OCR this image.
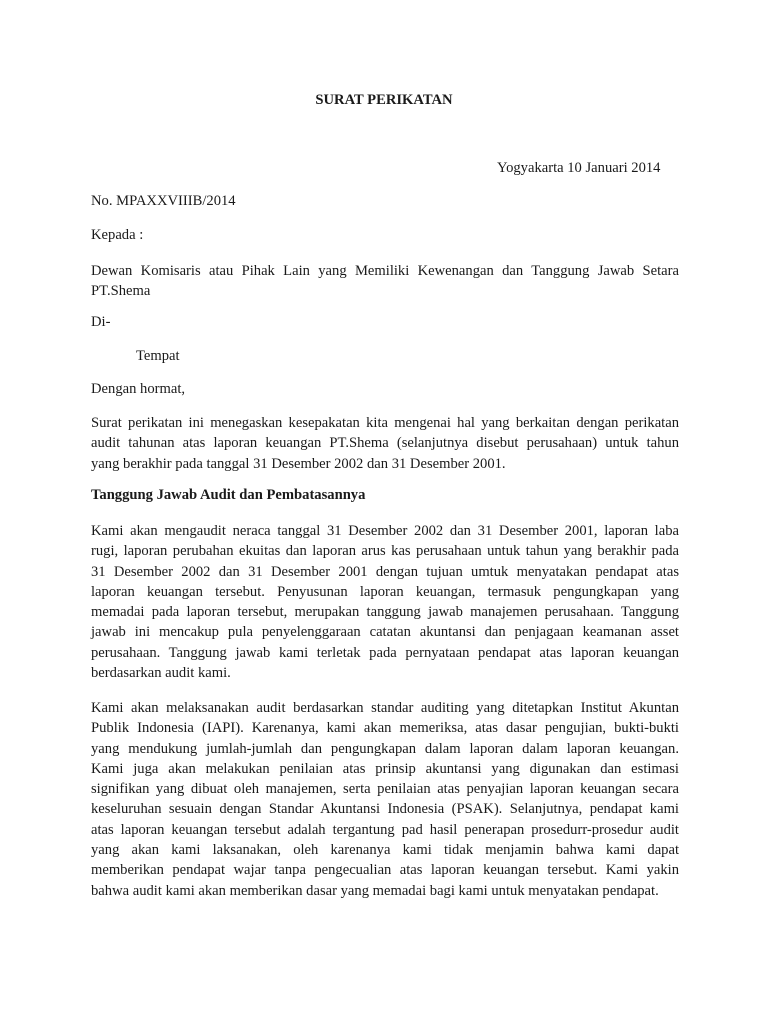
SURAT PERIKATAN

Yogyakarta 10 Januari 2014

No. MPAXXVIIIB/2014

Kepada :

Dewan Komisaris atau Pihak Lain yang Memiliki Kewenangan dan Tanggung Jawab Setara
PT.Shema

Di-

Tempat

Dengan hormat,

Surat perikatan ini menegaskan kesepakatan kita mengenai hal yang berkaitan dengan perikatan
audit tahunan atas laporan keuangan PT.Shema (selanjutnya disebut perusahaan) untuk tahun
yang berakhir pada tanggal 31 Desember 2002 dan 31 Desember 2001.
Tanggung Jawab Audit dan Pembatasannya
Kami akan mengaudit neraca tanggal 31 Desember 2002 dan 31 Desember 2001, laporan laba
rugi, laporan perubahan ekuitas dan laporan arus kas perusahaan untuk tahun yang berakhir pada
31 Desember 2002 dan 31 Desember 2001 dengan tujuan umtuk menyatakan pendapat atas
laporan keuangan tersebut. Penyusunan laporan keuangan, termasuk pengungkapan yang
memadai pada laporan tersebut, merupakan tanggung jawab manajemen perusahaan. Tanggung
jawab ini mencakup pula penyelenggaraan catatan akuntansi dan penjagaan keamanan asset
perusahaan. Tanggung jawab kami terletak pada pernyataan pendapat atas laporan keuangan
berdasarkan audit kami.
Kami akan melaksanakan audit berdasarkan standar auditing yang ditetapkan Institut Akuntan
Publik Indonesia (IAPI). Karenanya, kami akan memeriksa, atas dasar pengujian, bukti-bukti
yang mendukung jumlah-jumlah dan pengungkapan dalam laporan dalam laporan keuangan.
Kami juga akan melakukan penilaian atas prinsip akuntansi yang digunakan dan estimasi
signifikan yang dibuat oleh manajemen, serta penilaian atas penyajian laporan keuangan secara
keseluruhan sesuain dengan Standar Akuntansi Indonesia (PSAK). Selanjutnya, pendapat kami
atas laporan keuangan tersebut adalah tergantung pad hasil penerapan prosedurr-prosedur audit
yang akan kami laksanakan, oleh karenanya kami tidak menjamin bahwa kami dapat
memberikan pendapat wajar tanpa pengecualian atas laporan keuangan tersebut. Kami yakin
bahwa audit kami akan memberikan dasar yang memadai bagi kami untuk menyatakan pendapat.
